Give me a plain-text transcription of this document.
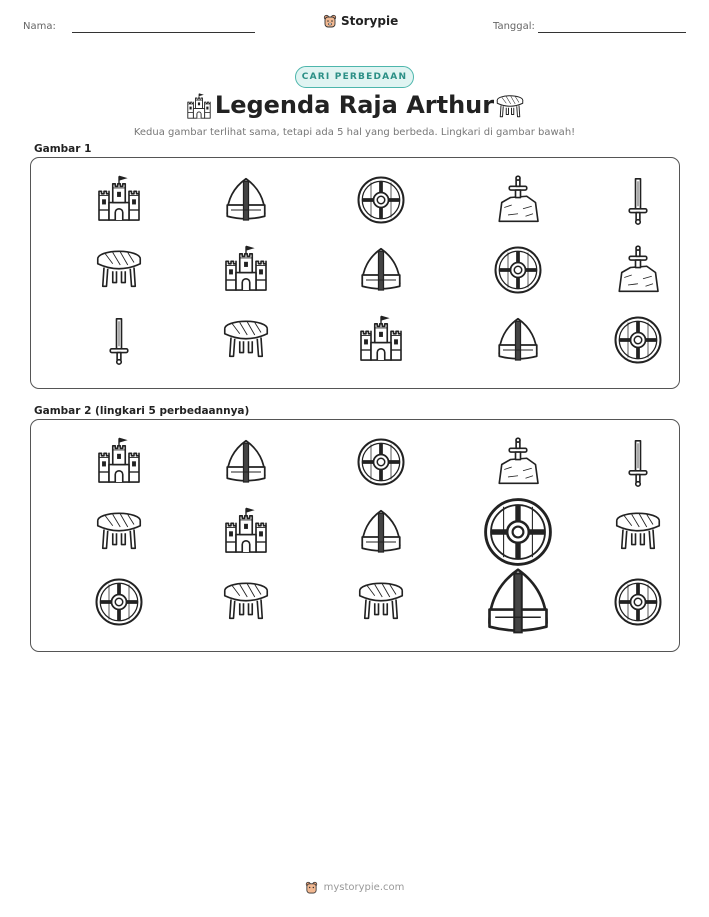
Nama:	Storypie	Tanggal:
CARI PERBEDAAN
Legenda Raja Arthur
Kedua gambar terlihat sama, tetapi ada 5 hal yang berbeda. Lingkari di gambar bawah!
Gambar 1
Gambar 2 (lingkari 5 perbedaannya)
mystorypie.com
